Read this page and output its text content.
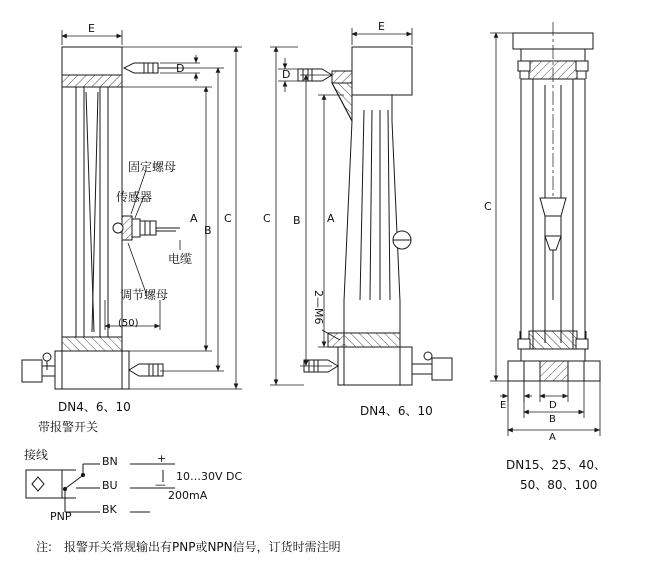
E
D
A
B
C
(50)
固定螺母
传感器
电缆
调节螺母
DN4、6、10
带报警开关
E
D
A
B
C
2—M6
DN4、6、10
C
E	D
B
A
DN15、25、40、
50、80、100
接线	BN
BU
BK
+
—
10…30V DC
200mA
PNP
注: 报警开关常规输出有PNP或NPN信号，订货时需注明
